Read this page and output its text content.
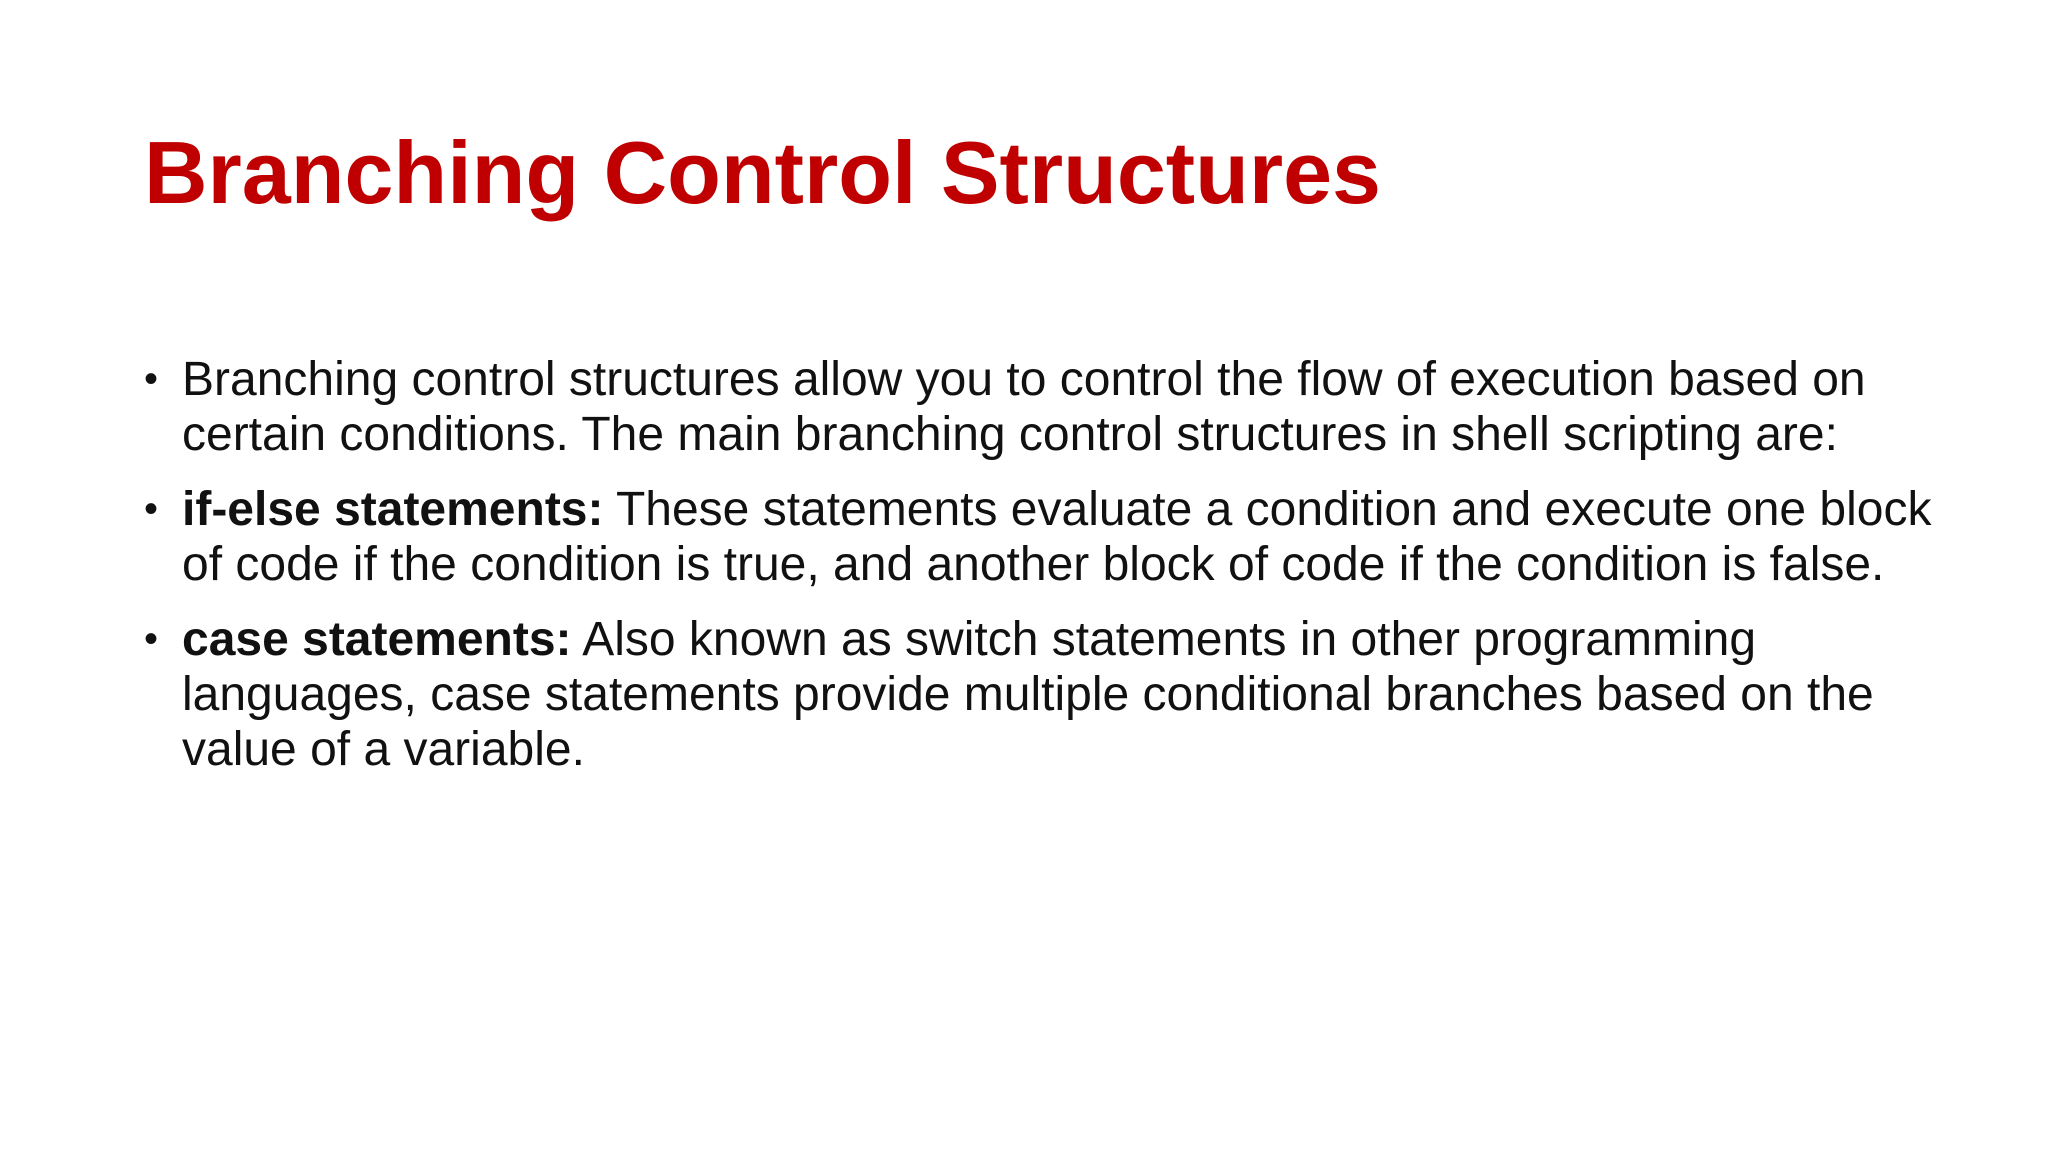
Branching Control Structures
• Branching control structures allow you to control the flow of execution based on certain conditions. The main branching control structures in shell scripting are:
• if-else statements: These statements evaluate a condition and execute one block of code if the condition is true, and another block of code if the condition is false.
• case statements: Also known as switch statements in other programming languages, case statements provide multiple conditional branches based on the value of a variable.
